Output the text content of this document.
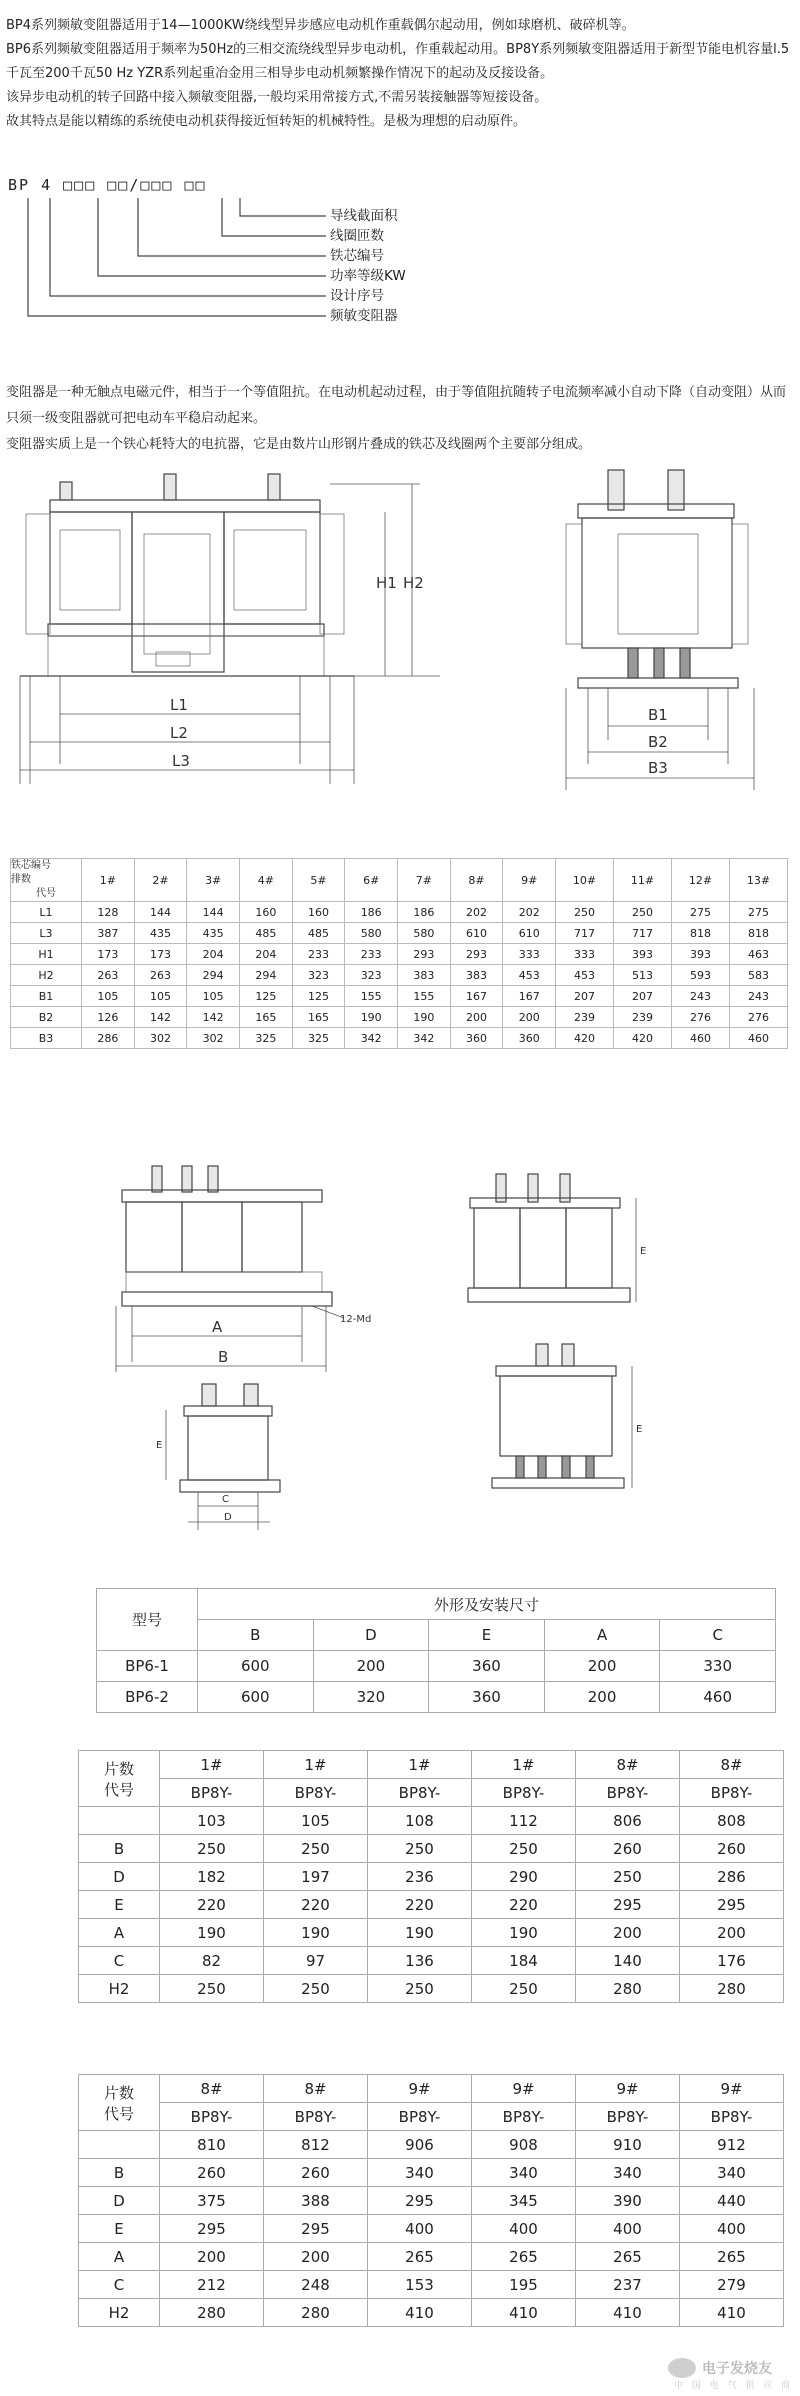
BP4系列频敏变阻器适用于14—1000KW绕线型异步感应电动机作重载偶尔起动用，例如球磨机、破碎机等。

BP6系列频敏变阻器适用于频率为50Hz的三相交流绕线型异步电动机，作重载起动用。BP8Y系列频敏变阻器适用于新型节能电机容量l.5千瓦至200千瓦50 Hz YZR系列起重冶金用三相导步电动机频繁操作情况下的起动及反接设备。

该异步电动机的转子回路中接入频敏变阻器,一般均采用常接方式,不需另装接触器等短接设备。

故其特点是能以精练的系统使电动机获得接近恒转矩的机械特性。是极为理想的启动原件。

BP 4 □□□ □□/□□□ □□
导线截面积
线圈匝数
铁芯编号
功率等级KW
设计序号
频敏变阻器

变阻器是一种无触点电磁元件，相当于一个等值阻抗。在电动机起动过程，由于等值阻抗随转子电流频率减小自动下降（自动变阻）从而只须一级变阻器就可把电动车平稳启动起来。

变阻器实质上是一个铁心耗特大的电抗器，它是由数片山形钢片叠成的铁芯及线圈两个主要部分组成。

H1 H2
L1
L2
L3
B1
B2
B3
铁芯编号
排数
代号	1#	2#	3#	4#	5#	6#	7#	8#	9#	10#	11#	12#	13#

L1	128	144	144	160	160	186	186	202	202	250	250	275	275
L3	387	435	435	485	485	580	580	610	610	717	717	818	818
H1	173	173	204	204	233	233	293	293	333	333	393	393	463
H2	263	263	294	294	323	323	383	383	453	453	513	593	583
B1	105	105	105	125	125	155	155	167	167	207	207	243	243
B2	126	142	142	165	165	190	190	200	200	239	239	276	276
B3	286	302	302	325	325	342	342	360	360	420	420	460	460
A
B
12-Md
E
C
D
E
E
型号	外形及安装尺寸				
	B	D	E	A	C
BP6-1	600	200	360	200	330
BP6-2	600	320	360	200	460
片数
代号	1#	1#	1#	1#	8#	8#
	BP8Y-	BP8Y-	BP8Y-	BP8Y-	BP8Y-	BP8Y-
	103	105	108	112	806	808
B	250	250	250	250	260	260
D	182	197	236	290	250	286
E	220	220	220	220	295	295
A	190	190	190	190	200	200
C	82	97	136	184	140	176
H2	250	250	250	250	280	280
片数
代号	8#	8#	9#	9#	9#	9#
	BP8Y-	BP8Y-	BP8Y-	BP8Y-	BP8Y-	BP8Y-
	810	812	906	908	910	912
B	260	260	340	340	340	340
D	375	388	295	345	390	440
E	295	295	400	400	400	400
A	200	200	265	265	265	265
C	212	248	153	195	237	279
H2	280	280	410	410	410	410
电子发烧友
中 国 电 气 供 应 商
